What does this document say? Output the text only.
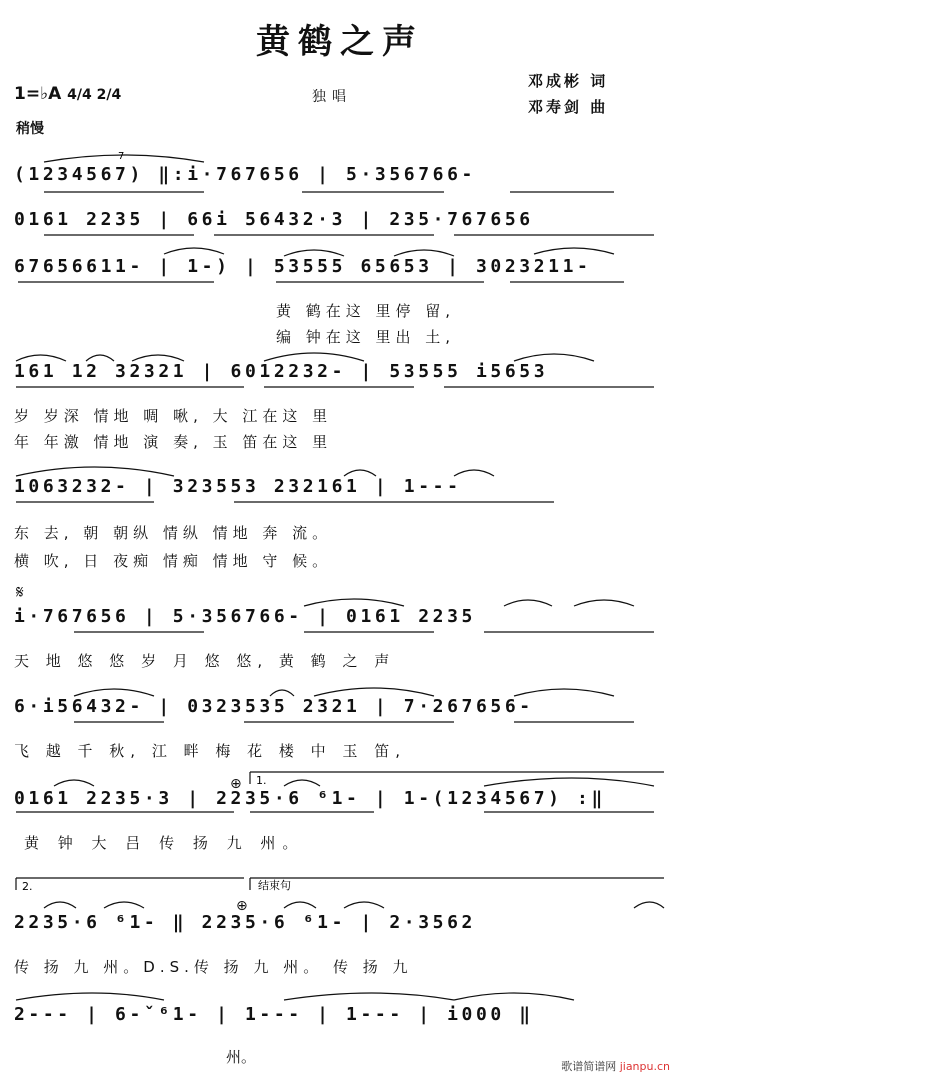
黄鹤之声
1=♭A 4/4 2/4	独唱
邓成彬 词
邓寿剑 曲
稍慢
7
(1234567) ‖:i·767656 | 5·356766-
0161 2235 | 66i 56432·3 | 235·767656
67656611- | 1-) | 53555 65653 | 3023211-
黄 鹤在这 里停 留,
编 钟在这 里出 土,
161 12 32321 | 6012232- | 53555 i5653
岁 岁深 情地 啁 啾, 大 江在这 里
年 年激 情地 演 奏, 玉 笛在这 里
1063232- | 323553 232161 | 1---
东 去, 朝 朝纵 情纵 情地 奔 流。
横 吹, 日 夜痴 情痴 情地 守 候。
𝄋
i·767656 | 5·356766- | 0161 2235
天 地 悠 悠 岁 月 悠 悠, 黄 鹤 之 声
6·i56432- | 0323535 2321 | 7·267656-
飞 越 千 秋, 江 畔 梅 花 楼 中 玉 笛,
1.
⊕
0161 2235·3 | 2235·6 ⁶1- | 1-(1234567) :‖
黄 钟 大 吕 传 扬 九 州。
2.	结束句
⊕
2235·6 ⁶1- ‖ 2235·6 ⁶1- | 2·3562
传 扬 九 州。D.S.传 扬 九 州。 传 扬 九
2--- | 6-ˇ⁶1- | 1--- | 1--- | i000 ‖
州。
歌谱简谱网 jianpu.cn
